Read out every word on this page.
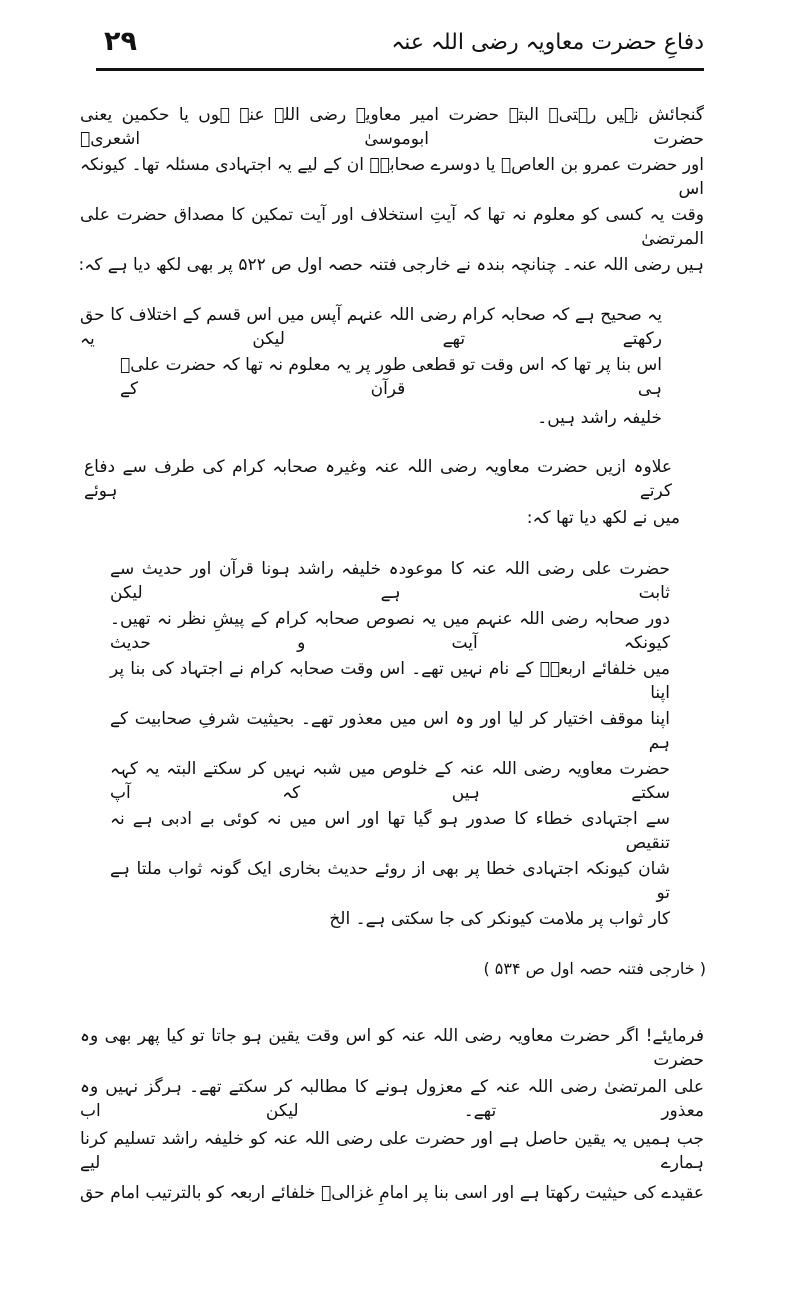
دفاعِ حضرت معاویہ رضی اللہ عنہ
۲۹
گنجائش نہیں رہتی۔ البتہ حضرت امیر معاویہ رضی اللہ عنہ ہوں یا حکمین یعنی حضرت ابوموسیٰ اشعریؓ
اور حضرت عمرو بن العاصؓ یا دوسرے صحابہؓ ان کے لیے یہ اجتہادی مسئلہ تھا۔ کیونکہ اس
وقت یہ کسی کو معلوم نہ تھا کہ آیتِ استخلاف اور آیت تمکین کا مصداق حضرت علی المرتضیٰ
ہیں رضی اللہ عنہ۔ چنانچہ بندہ نے خارجی فتنہ حصہ اول ص ۵۲۲ پر بھی لکھ دیا ہے کہ:
یہ صحیح ہے کہ صحابہ کرام رضی اللہ عنہم آپس میں اس قسم کے اختلاف کا حق رکھتے تھے لیکن یہ
اس بنا پر تھا کہ اس وقت تو قطعی طور پر یہ معلوم نہ تھا کہ حضرت علیؓ ہی قرآن کے
خلیفہ راشد ہیں۔
علاوہ ازیں حضرت معاویہ رضی اللہ عنہ وغیرہ صحابہ کرام کی طرف سے دفاع کرتے ہوئے
میں نے لکھ دیا تھا کہ:
حضرت علی رضی اللہ عنہ کا موعودہ خلیفہ راشد ہونا قرآن اور حدیث سے ثابت ہے لیکن
دور صحابہ رضی اللہ عنہم میں یہ نصوص صحابہ کرام کے پیشِ نظر نہ تھیں۔ کیونکہ آیت و حدیث
میں خلفائے اربعہؓ کے نام نہیں تھے۔ اس وقت صحابہ کرام نے اجتہاد کی بنا پر اپنا
اپنا موقف اختیار کر لیا اور وہ اس میں معذور تھے۔ بحیثیت شرفِ صحابیت کے ہم
حضرت معاویہ رضی اللہ عنہ کے خلوص میں شبہ نہیں کر سکتے البتہ یہ کہہ سکتے ہیں کہ آپ
سے اجتہادی خطاء کا صدور ہو گیا تھا اور اس میں نہ کوئی بے ادبی ہے نہ تنقیص
شان کیونکہ اجتہادی خطا پر بھی از روئے حدیث بخاری ایک گونہ ثواب ملتا ہے تو
کار ثواب پر ملامت کیونکر کی جا سکتی ہے۔ الخ
( خارجی فتنہ حصہ اول ص ۵۳۴ )
فرمایئے! اگر حضرت معاویہ رضی اللہ عنہ کو اس وقت یقین ہو جاتا تو کیا پھر بھی وہ حضرت
علی المرتضیٰ رضی اللہ عنہ کے معزول ہونے کا مطالبہ کر سکتے تھے۔ ہرگز نہیں وہ معذور تھے۔ لیکن اب
جب ہمیں یہ یقین حاصل ہے اور حضرت علی رضی اللہ عنہ کو خلیفہ راشد تسلیم کرنا ہمارے لیے
عقیدے کی حیثیت رکھتا ہے اور اسی بنا پر امامِ غزالیؒ خلفائے اربعہ کو بالترتیب امام حق
